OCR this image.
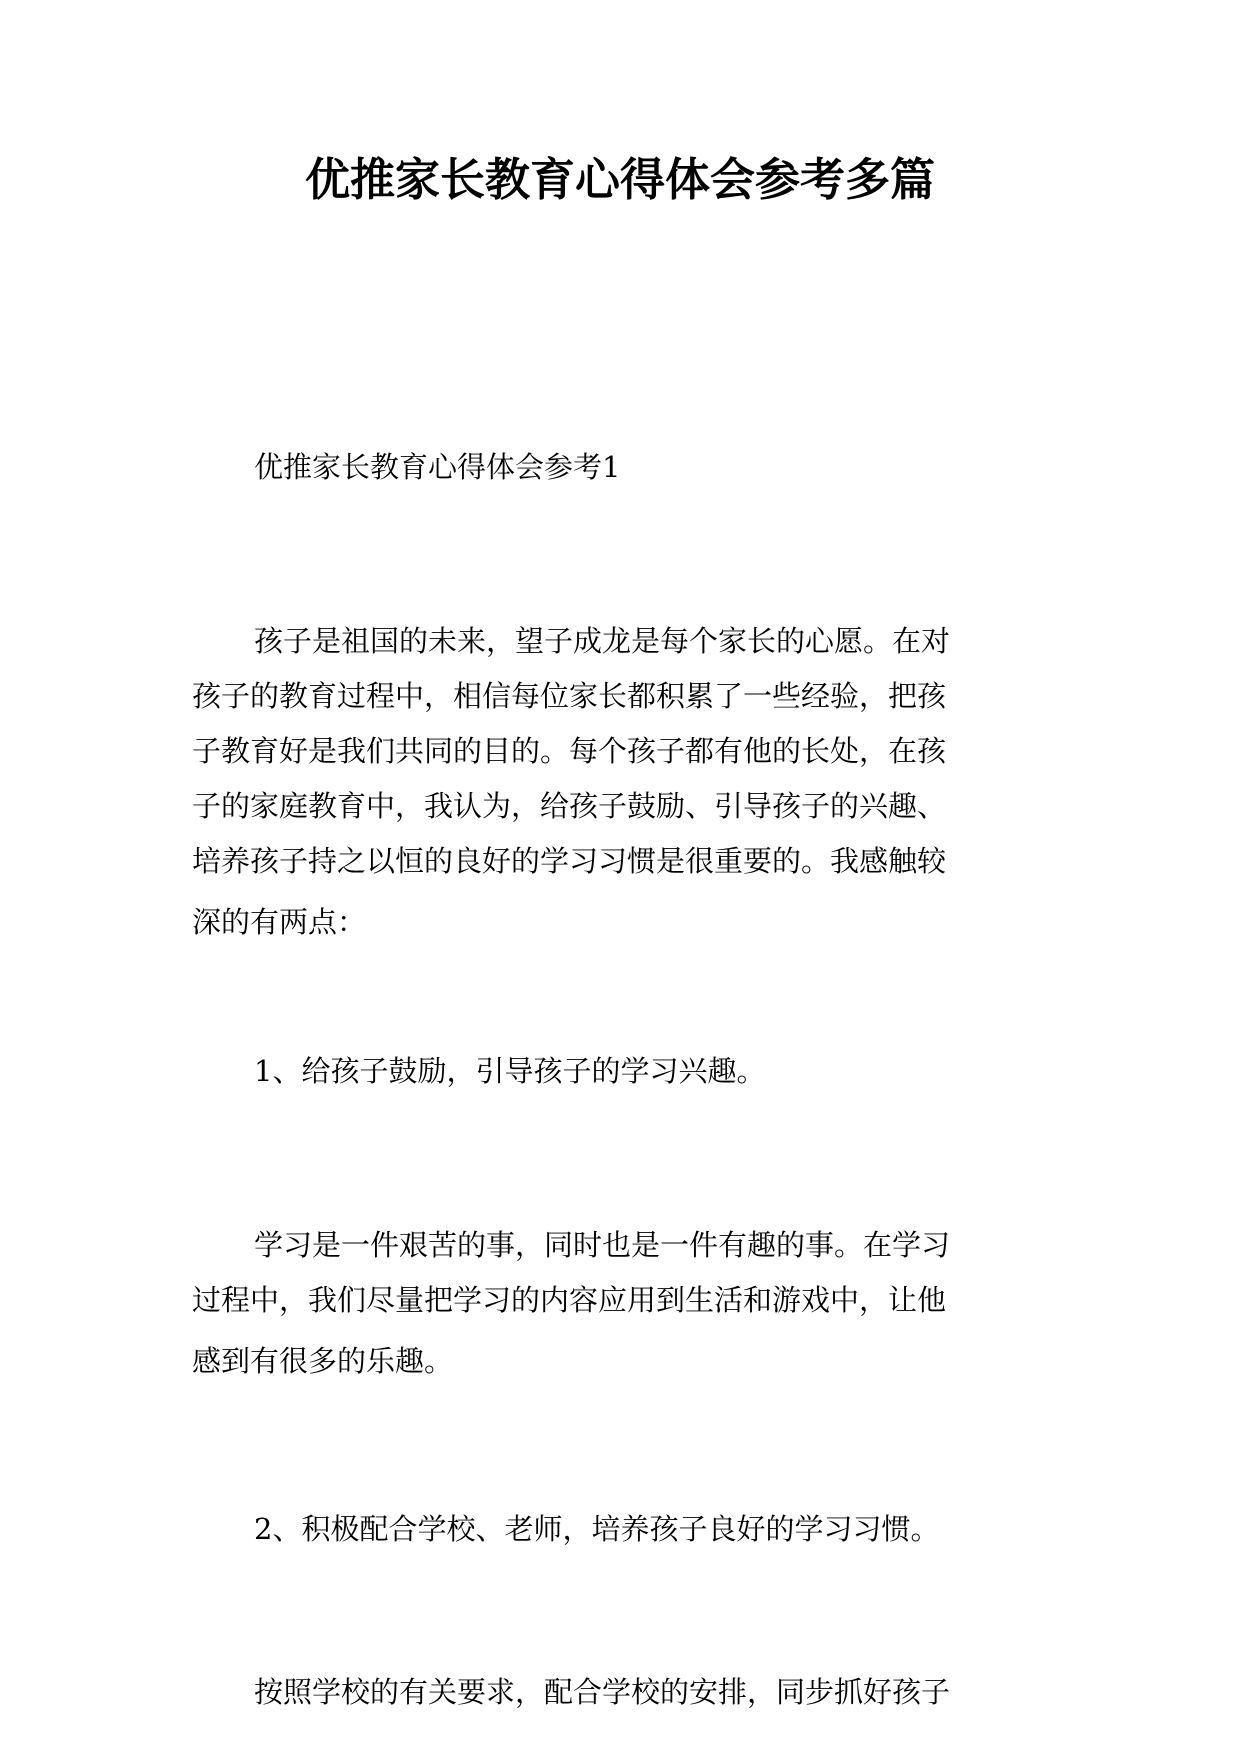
优推家长教育心得体会参考多篇

优推家长教育心得体会参考1

孩子是祖国的未来，望子成龙是每个家长的心愿。在对
孩子的教育过程中，相信每位家长都积累了一些经验，把孩
子教育好是我们共同的目的。每个孩子都有他的长处，在孩
子的家庭教育中，我认为，给孩子鼓励、引导孩子的兴趣、
培养孩子持之以恒的良好的学习习惯是很重要的。我感触较
深的有两点：

1、给孩子鼓励，引导孩子的学习兴趣。

学习是一件艰苦的事，同时也是一件有趣的事。在学习
过程中，我们尽量把学习的内容应用到生活和游戏中，让他
感到有很多的乐趣。

2、积极配合学校、老师，培养孩子良好的学习习惯。

按照学校的有关要求，配合学校的安排，同步抓好孩子
